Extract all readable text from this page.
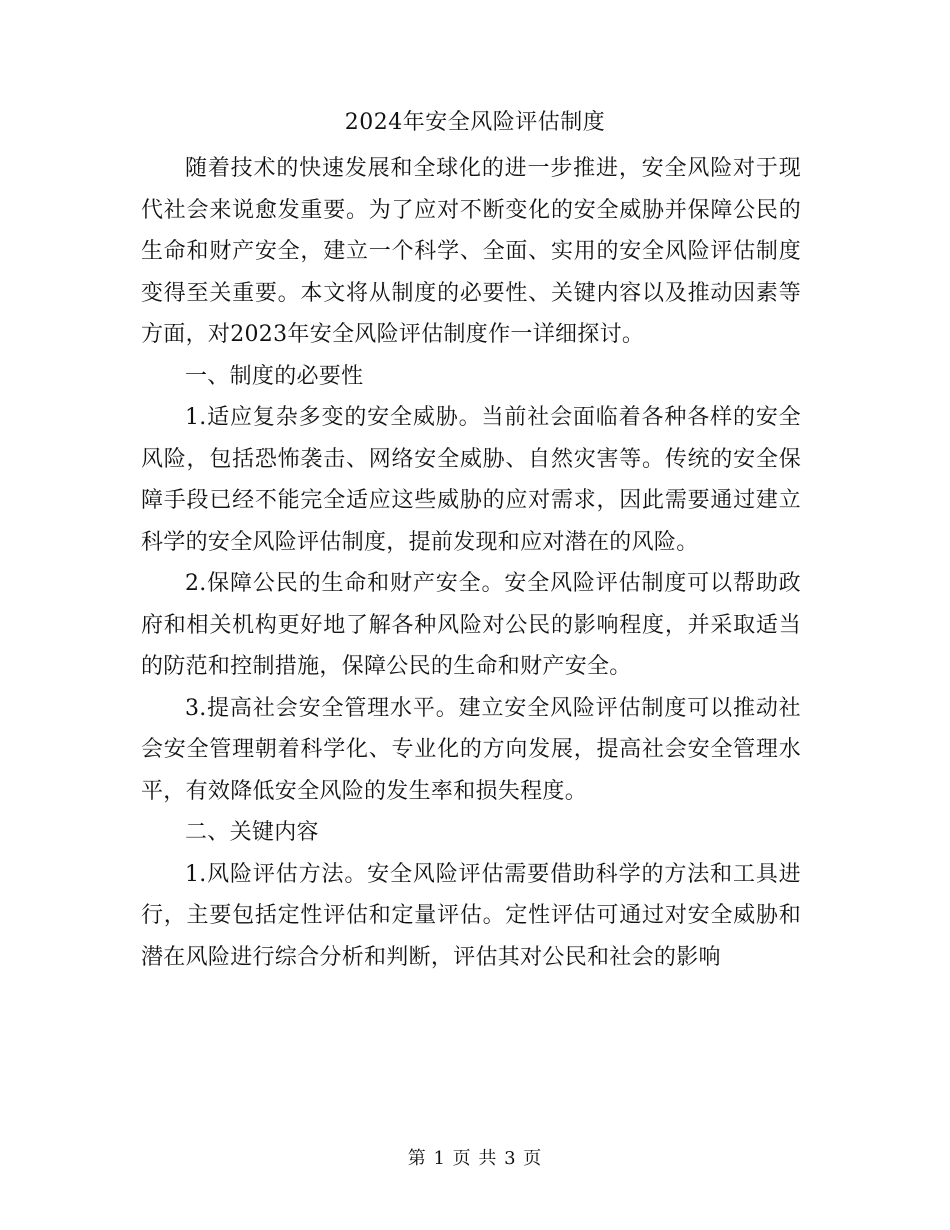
2024年安全风险评估制度

随着技术的快速发展和全球化的进一步推进，安全风险对于现代社会来说愈发重要。为了应对不断变化的安全威胁并保障公民的生命和财产安全，建立一个科学、全面、实用的安全风险评估制度变得至关重要。本文将从制度的必要性、关键内容以及推动因素等方面，对2023年安全风险评估制度作一详细探讨。

一、制度的必要性

1.适应复杂多变的安全威胁。当前社会面临着各种各样的安全风险，包括恐怖袭击、网络安全威胁、自然灾害等。传统的安全保障手段已经不能完全适应这些威胁的应对需求，因此需要通过建立科学的安全风险评估制度，提前发现和应对潜在的风险。

2.保障公民的生命和财产安全。安全风险评估制度可以帮助政府和相关机构更好地了解各种风险对公民的影响程度，并采取适当的防范和控制措施，保障公民的生命和财产安全。

3.提高社会安全管理水平。建立安全风险评估制度可以推动社会安全管理朝着科学化、专业化的方向发展，提高社会安全管理水平，有效降低安全风险的发生率和损失程度。

二、关键内容

1.风险评估方法。安全风险评估需要借助科学的方法和工具进行，主要包括定性评估和定量评估。定性评估可通过对安全威胁和潜在风险进行综合分析和判断，评估其对公民和社会的影响

第 1 页 共 3 页
